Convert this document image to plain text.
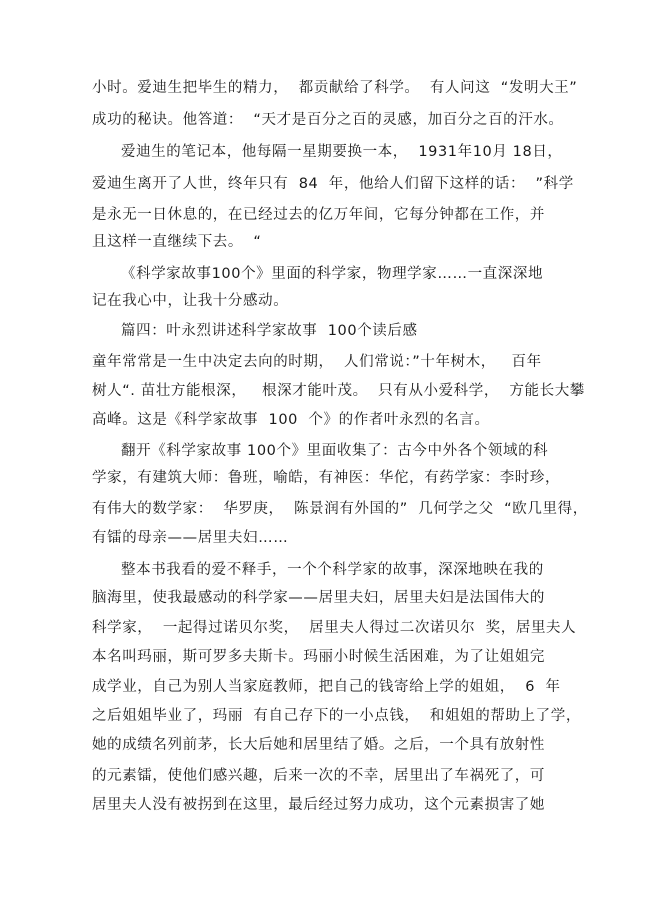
小时。爱迪生把毕生的精力，  都贡献给了科学。  有人问这  “发明大王”
成功的秘诀。他答道：  “天才是百分之百的灵感，加百分之百的汗水。
爱迪生的笔记本，他每隔一星期要换一本，  1931年10月 18日，
爱迪生离开了人世，终年只有  84  年，他给人们留下这样的话：  ”科学
是永无一日休息的，在已经过去的亿万年间，它每分钟都在工作，并
且这样一直继续下去。  “
《科学家故事100个》里面的科学家，物理学家……一直深深地
记在我心中，让我十分感动。
篇四：叶永烈讲述科学家故事  100个读后感
童年常常是一生中决定去向的时期，  人们常说：”十年树木，   百年
树人“. 苗壮方能根深，   根深才能叶茂。  只有从小爱科学，  方能长大攀
高峰。这是《科学家故事  100  个》的作者叶永烈的名言。
翻开《科学家故事 100个》里面收集了：古今中外各个领域的科
学家，有建筑大师：鲁班，喻皓，有神医：华佗，有药学家：李时珍，
有伟大的数学家：  华罗庚，  陈景润有外国的”  几何学之父  “欧几里得，
有镭的母亲——居里夫妇……
整本书我看的爱不释手，一个个科学家的故事，深深地映在我的
脑海里，使我最感动的科学家——居里夫妇，居里夫妇是法国伟大的
科学家，  一起得过诺贝尔奖，  居里夫人得过二次诺贝尔  奖，居里夫人
本名叫玛丽，斯可罗多夫斯卡。玛丽小时候生活困难，为了让姐姐完
成学业，自己为别人当家庭教师，把自己的钱寄给上学的姐姐，  6  年
之后姐姐毕业了，玛丽  有自己存下的一小点钱，  和姐姐的帮助上了学，
她的成绩名列前茅，长大后她和居里结了婚。之后，一个具有放射性
的元素镭，使他们感兴趣，后来一次的不幸，居里出了车祸死了，可
居里夫人没有被拐到在这里，最后经过努力成功，这个元素损害了她
